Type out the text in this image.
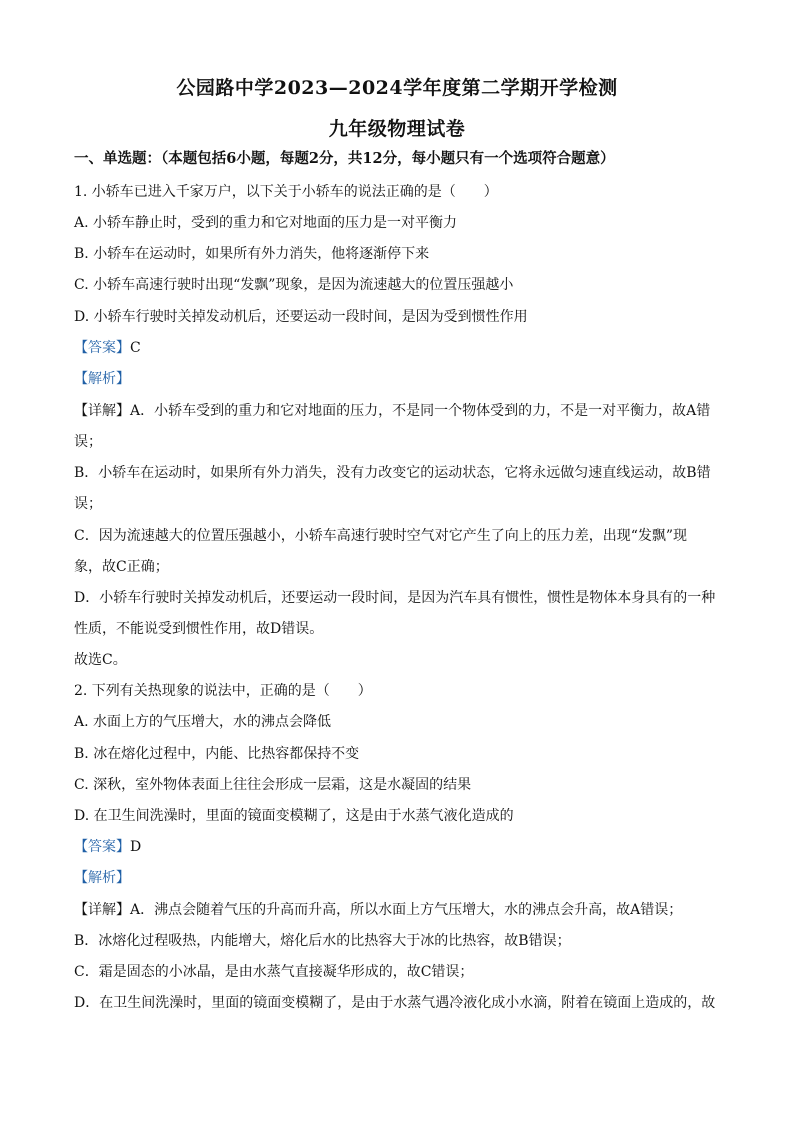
公园路中学2023—2024学年度第二学期开学检测
九年级物理试卷
一、单选题：（本题包括6小题，每题2分，共12分，每小题只有一个选项符合题意）
1. 小轿车已进入千家万户，以下关于小轿车的说法正确的是（　　）
A. 小轿车静止时，受到的重力和它对地面的压力是一对平衡力
B. 小轿车在运动时，如果所有外力消失，他将逐渐停下来
C. 小轿车高速行驶时出现“发飘”现象，是因为流速越大的位置压强越小
D. 小轿车行驶时关掉发动机后，还要运动一段时间，是因为受到惯性作用
【答案】C
【解析】
【详解】A．小轿车受到的重力和它对地面的压力，不是同一个物体受到的力，不是一对平衡力，故A错
误；
B．小轿车在运动时，如果所有外力消失，没有力改变它的运动状态，它将永远做匀速直线运动，故B错
误；
C．因为流速越大的位置压强越小，小轿车高速行驶时空气对它产生了向上的压力差，出现“发飘”现
象，故C正确；
D．小轿车行驶时关掉发动机后，还要运动一段时间，是因为汽车具有惯性，惯性是物体本身具有的一种
性质，不能说受到惯性作用，故D错误。
故选C。
2. 下列有关热现象的说法中，正确的是（　　）
A. 水面上方的气压增大，水的沸点会降低
B. 冰在熔化过程中，内能、比热容都保持不变
C. 深秋，室外物体表面上往往会形成一层霜，这是水凝固的结果
D. 在卫生间洗澡时，里面的镜面变模糊了，这是由于水蒸气液化造成的
【答案】D
【解析】
【详解】A．沸点会随着气压的升高而升高，所以水面上方气压增大，水的沸点会升高，故A错误；
B．冰熔化过程吸热，内能增大，熔化后水的比热容大于冰的比热容，故B错误；
C．霜是固态的小冰晶，是由水蒸气直接凝华形成的，故C错误；
D．在卫生间洗澡时，里面的镜面变模糊了，是由于水蒸气遇冷液化成小水滴，附着在镜面上造成的，故
